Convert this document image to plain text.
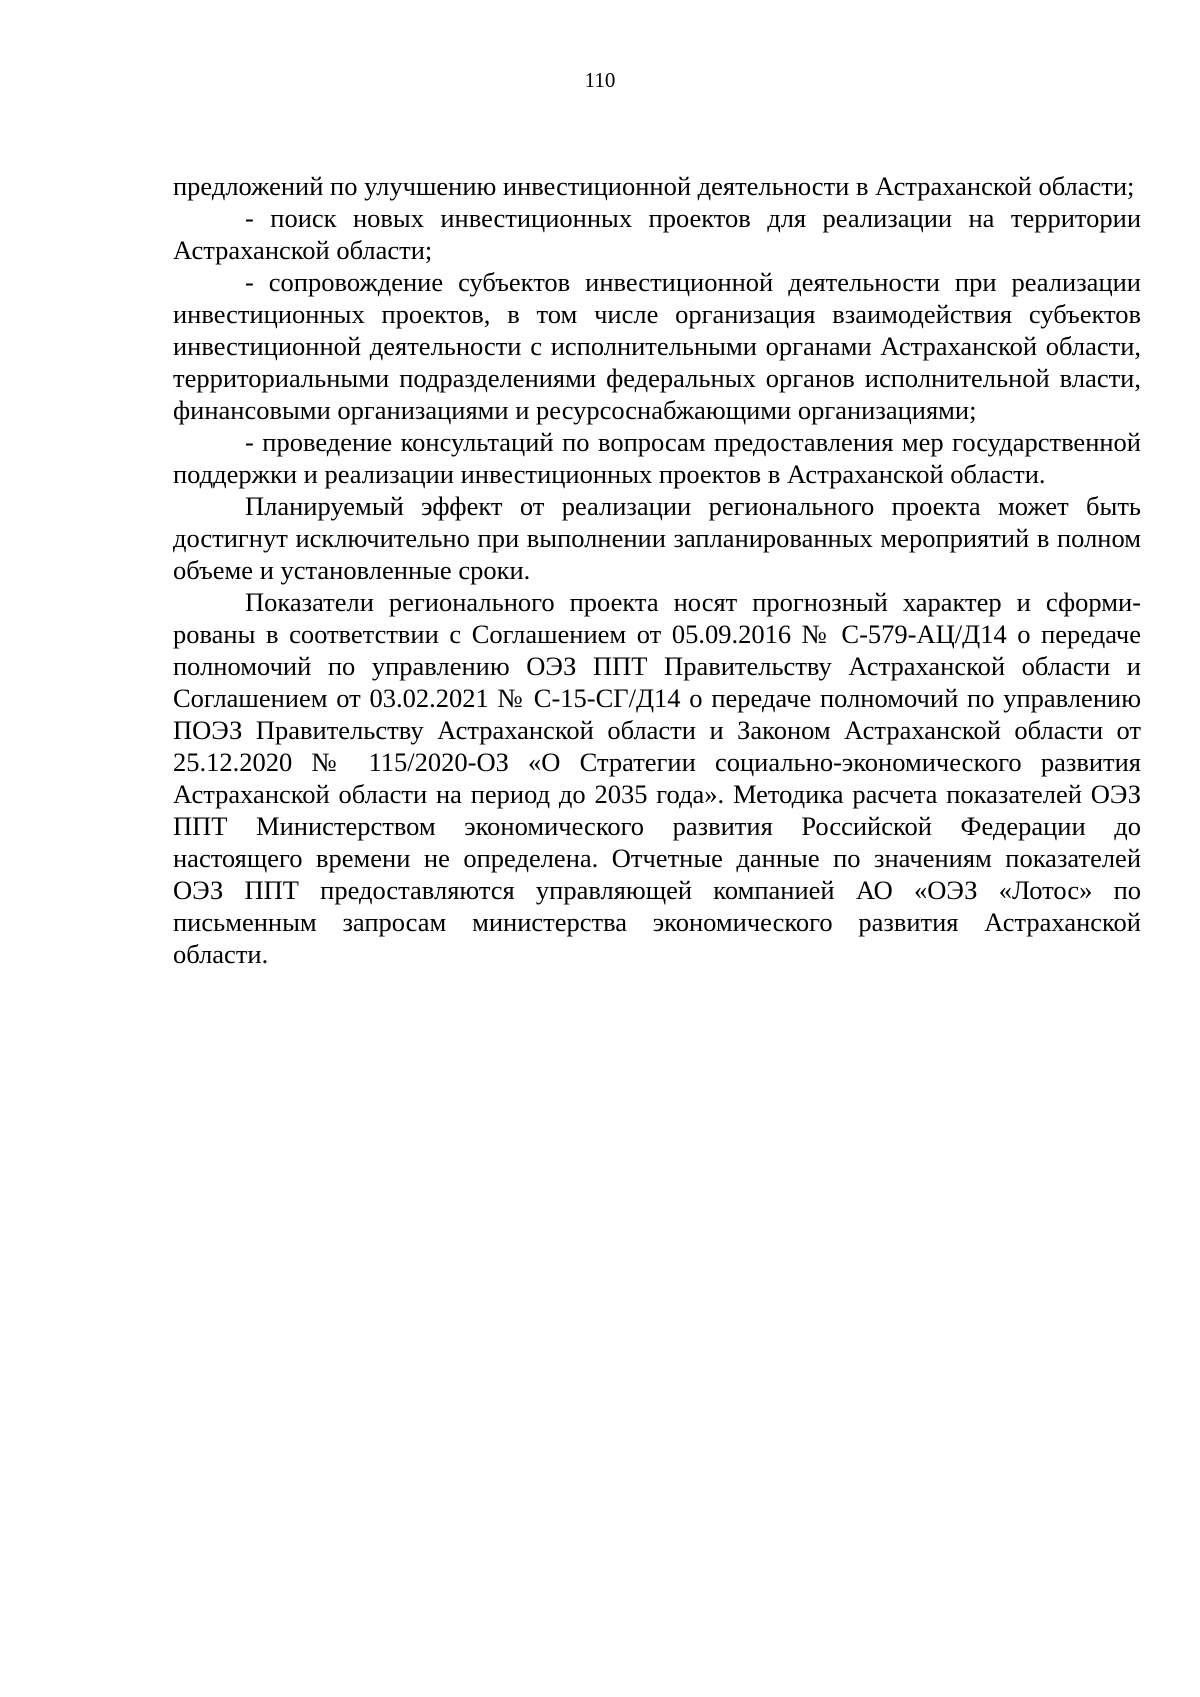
110

предложений по улучшению инвестиционной деятельности в Астраханской области;

- поиск новых инвестиционных проектов для реализации на территории Астраханской области;

- сопровождение субъектов инвестиционной деятельности при реализации инвестиционных проектов, в том числе организация взаимодействия субъектов инвестиционной деятельности с исполнительными органами Астраханской области, территориальными подразделениями федеральных органов исполнительной власти, финансовыми организациями и ресурсоснабжающими организациями;

- проведение консультаций по вопросам предоставления мер государственной поддержки и реализации инвестиционных проектов в Астраханской области.

Планируемый эффект от реализации регионального проекта может быть достигнут исключительно при выполнении запланированных мероприятий в полном объеме и установленные сроки.

Показатели регионального проекта носят прогнозный характер и сформированы в соответствии с Соглашением от 05.09.2016 № С-579-АЦ/Д14 о передаче полномочий по управлению ОЭЗ ППТ Правительству Астраханской области и Соглашением от 03.02.2021 № С-15-СГ/Д14 о передаче полномочий по управлению ПОЭЗ Правительству Астраханской области и Законом Астраханской области от 25.12.2020 № 115/2020-ОЗ «О Стратегии социально-экономического развития Астраханской области на период до 2035 года». Методика расчета показателей ОЭЗ ППТ Министерством экономического развития Российской Федерации до настоящего времени не определена. Отчетные данные по значениям показателей ОЭЗ ППТ предоставляются управляющей компанией АО «ОЭЗ «Лотос» по письменным запросам министерства экономического развития Астраханской области.
